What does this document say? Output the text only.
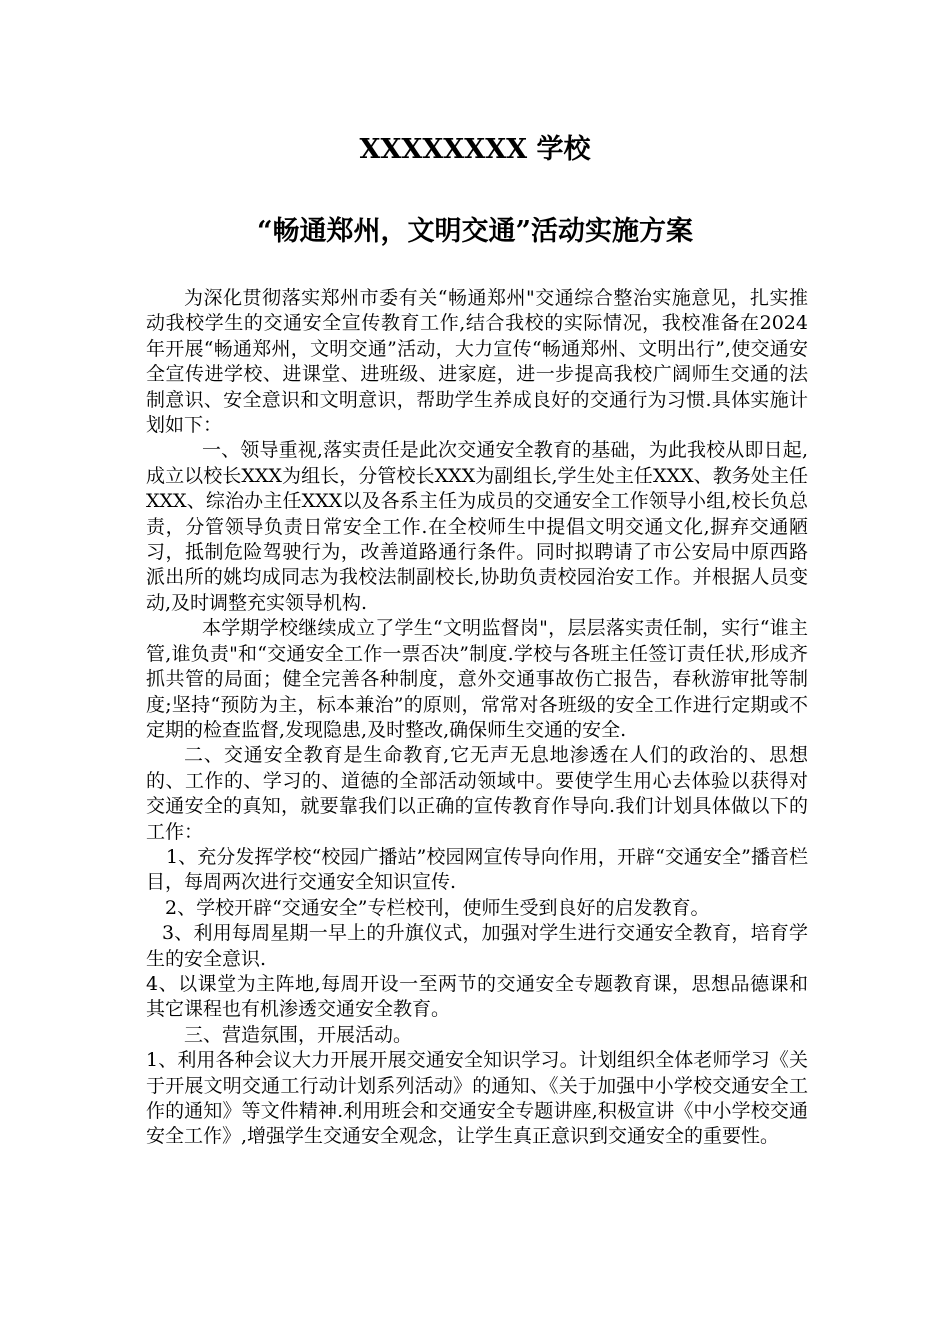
XXXXXXXX 学校
“畅通郑州，文明交通”活动实施方案

为深化贯彻落实郑州市委有关“畅通郑州"交通综合整治实施意见，扎实推动我校学生的交通安全宣传教育工作,结合我校的实际情况，我校准备在2024年开展“畅通郑州，文明交通”活动，大力宣传“畅通郑州、文明出行”,使交通安全宣传进学校、进课堂、进班级、进家庭，进一步提高我校广阔师生交通的法制意识、安全意识和文明意识，帮助学生养成良好的交通行为习惯.具体实施计划如下：

一、领导重视,落实责任是此次交通安全教育的基础，为此我校从即日起,成立以校长XXX为组长，分管校长XXX为副组长,学生处主任XXX、教务处主任XXX、综治办主任XXX以及各系主任为成员的交通安全工作领导小组,校长负总责，分管领导负责日常安全工作.在全校师生中提倡文明交通文化,摒弃交通陋习，抵制危险驾驶行为，改善道路通行条件。同时拟聘请了市公安局中原西路派出所的姚均成同志为我校法制副校长,协助负责校园治安工作。并根据人员变动,及时调整充实领导机构.

本学期学校继续成立了学生“文明监督岗"，层层落实责任制，实行“谁主管,谁负责"和“交通安全工作一票否决”制度.学校与各班主任签订责任状,形成齐抓共管的局面；健全完善各种制度，意外交通事故伤亡报告，春秋游审批等制度;坚持“预防为主，标本兼治”的原则，常常对各班级的安全工作进行定期或不定期的检查监督,发现隐患,及时整改,确保师生交通的安全.

二、交通安全教育是生命教育,它无声无息地渗透在人们的政治的、思想的、工作的、学习的、道德的全部活动领域中。要使学生用心去体验以获得对交通安全的真知，就要靠我们以正确的宣传教育作导向.我们计划具体做以下的工作：

1、充分发挥学校“校园广播站”校园网宣传导向作用，开辟“交通安全”播音栏目，每周两次进行交通安全知识宣传.

2、学校开辟“交通安全”专栏校刊，使师生受到良好的启发教育。

3、利用每周星期一早上的升旗仪式，加强对学生进行交通安全教育，培育学生的安全意识.

4、以课堂为主阵地,每周开设一至两节的交通安全专题教育课，思想品德课和其它课程也有机渗透交通安全教育。

三、营造氛围，开展活动。

1、利用各种会议大力开展开展交通安全知识学习。计划组织全体老师学习《关于开展文明交通工行动计划系列活动》的通知、《关于加强中小学校交通安全工作的通知》等文件精神.利用班会和交通安全专题讲座,积极宣讲《中小学校交通安全工作》,增强学生交通安全观念，让学生真正意识到交通安全的重要性。
